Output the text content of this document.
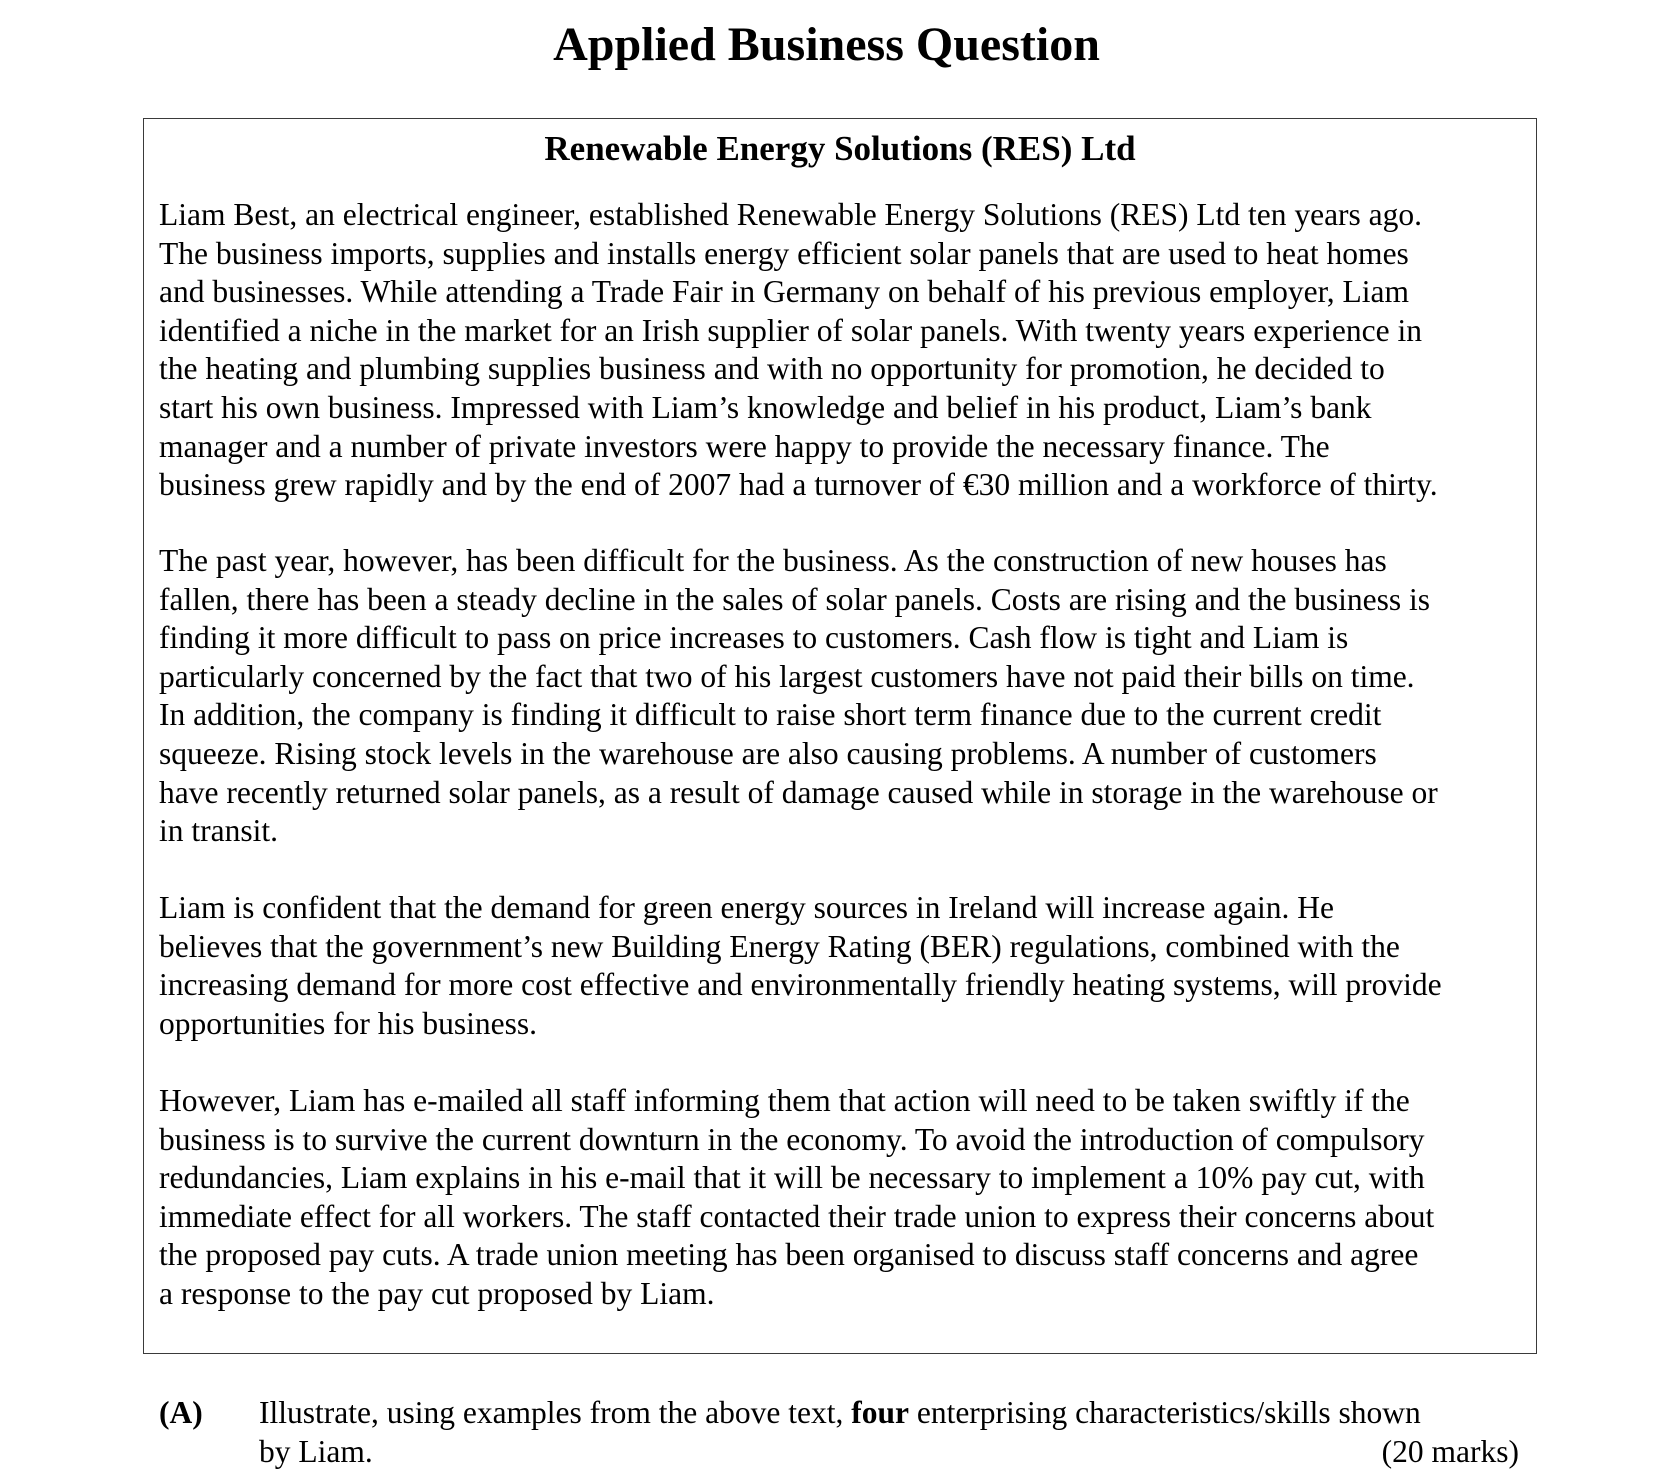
Applied Business Question
Renewable Energy Solutions (RES) Ltd

Liam Best, an electrical engineer, established Renewable Energy Solutions (RES) Ltd ten years ago.
The business imports, supplies and installs energy efficient solar panels that are used to heat homes
and businesses. While attending a Trade Fair in Germany on behalf of his previous employer, Liam
identified a niche in the market for an Irish supplier of solar panels. With twenty years experience in
the heating and plumbing supplies business and with no opportunity for promotion, he decided to
start his own business. Impressed with Liam’s knowledge and belief in his product, Liam’s bank
manager and a number of private investors were happy to provide the necessary finance. The
business grew rapidly and by the end of 2007 had a turnover of €30 million and a workforce of thirty.

The past year, however, has been difficult for the business. As the construction of new houses has
fallen, there has been a steady decline in the sales of solar panels. Costs are rising and the business is
finding it more difficult to pass on price increases to customers. Cash flow is tight and Liam is
particularly concerned by the fact that two of his largest customers have not paid their bills on time.
In addition, the company is finding it difficult to raise short term finance due to the current credit
squeeze. Rising stock levels in the warehouse are also causing problems. A number of customers
have recently returned solar panels, as a result of damage caused while in storage in the warehouse or
in transit.

Liam is confident that the demand for green energy sources in Ireland will increase again. He
believes that the government’s new Building Energy Rating (BER) regulations, combined with the
increasing demand for more cost effective and environmentally friendly heating systems, will provide
opportunities for his business.

However, Liam has e-mailed all staff informing them that action will need to be taken swiftly if the
business is to survive the current downturn in the economy. To avoid the introduction of compulsory
redundancies, Liam explains in his e-mail that it will be necessary to implement a 10% pay cut, with
immediate effect for all workers. The staff contacted their trade union to express their concerns about
the proposed pay cuts. A trade union meeting has been organised to discuss staff concerns and agree
a response to the pay cut proposed by Liam.

(A) Illustrate, using examples from the above text, four enterprising characteristics/skills shown
by Liam.	(20 marks)
